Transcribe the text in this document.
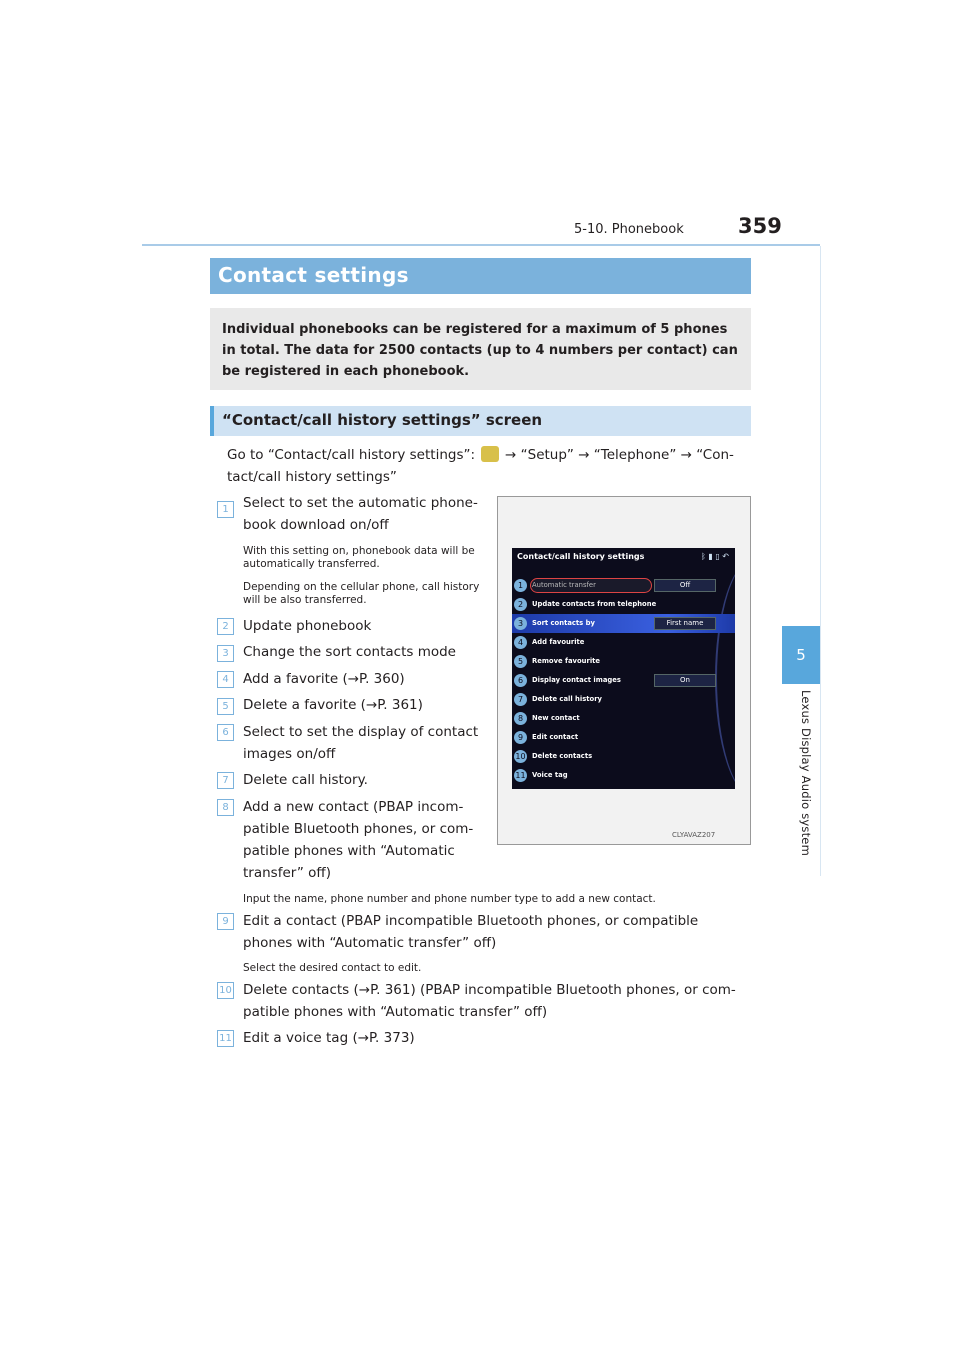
5-10. Phonebook	359
5
Lexus Display Audio system
Contact settings
Individual phonebooks can be registered for a maximum of 5 phones in total. The data for 2500 contacts (up to 4 numbers per contact) can be registered in each phonebook.
“Contact/call history settings” screen
Go to “Contact/call history settings”: → “Setup” → “Telephone” → “Con-tact/call history settings”
1	Select to set the automatic phone-book download on/off
With this setting on, phonebook data will be automatically transferred.
Depending on the cellular phone, call history will be also transferred.
2	Update phonebook
3	Change the sort contacts mode
4	Add a favorite (→P. 360)
5	Delete a favorite (→P. 361)
6	Select to set the display of contact images on/off
7	Delete call history.
8	Add a new contact (PBAP incom-patible Bluetooth phones, or com-patible phones with “Automatic transfer” off)
Input the name, phone number and phone number type to add a new contact.
9	Edit a contact (PBAP incompatible Bluetooth phones, or compatible phones with “Automatic transfer” off)
Select the desired contact to edit.
10 Delete contacts (→P. 361) (PBAP incompatible Bluetooth phones, or com-patible phones with “Automatic transfer” off)
11 Edit a voice tag (→P. 373)
CLYAVAZ207
Contact/call history settings	ᛒ ▮ ▯ ↶
1	Automatic transfer	Off
2	Update contacts from telephone
3	Sort contacts by	First name
4	Add favourite
5	Remove favourite
6	Display contact images	On
7	Delete call history
8	New contact
9	Edit contact
10 Delete contacts
11 Voice tag
